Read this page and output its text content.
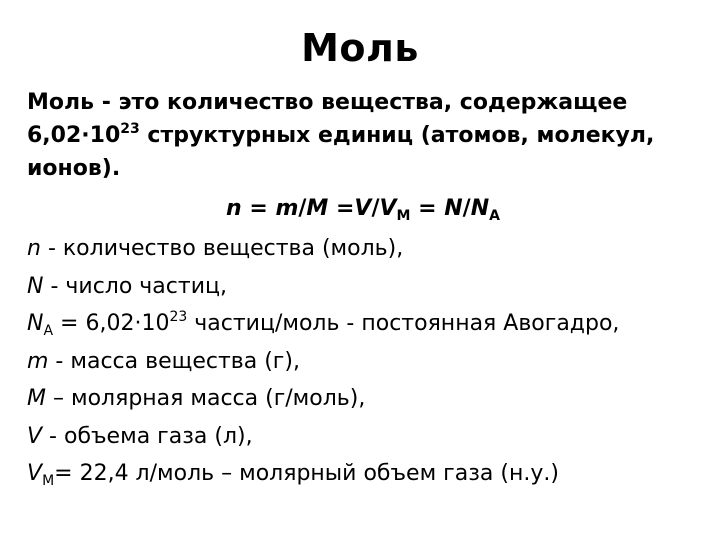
Моль
Моль - это количество вещества, содержащее
$6,02\cdot 10^{23}$ структурных единиц (атомов, молекул, ионов).
$n = m/M =V/V_M = N/N_A$
n - количество вещества (моль),
N - число частиц,
$N_A = 6,02\cdot 10^{23}$ частиц/моль - постоянная Авогадро,
m - масса вещества (г),
M – молярная масса (г/моль),
V - объема газа (л),
$V_M= 22,4$ л/моль – молярный объем газа (н.у.)
